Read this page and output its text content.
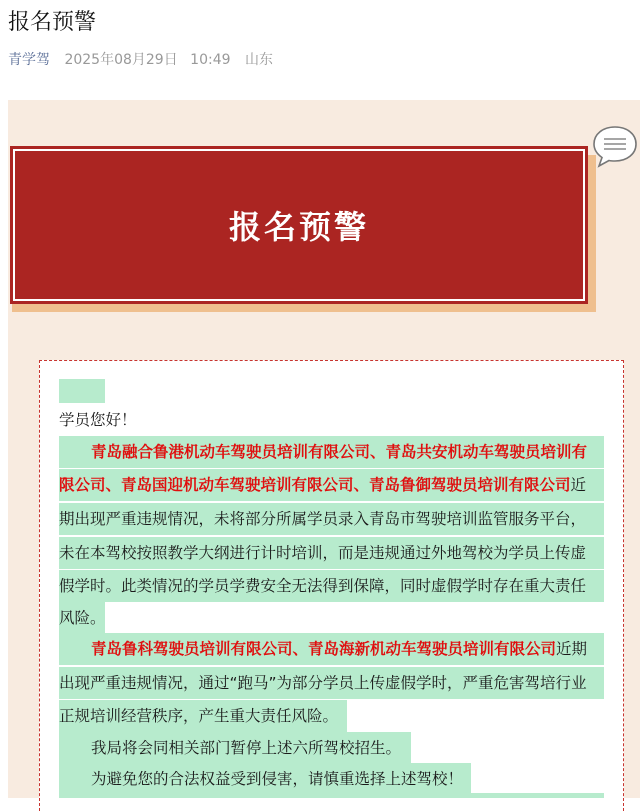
报名预警
青学驾 2025年08月29日 10:49 山东
报名预警
学员您好！
青岛融合鲁港机动车驾驶员培训有限公司、青岛共安机动车驾驶员培训有
限公司、青岛国迎机动车驾驶培训有限公司、青岛鲁御驾驶员培训有限公司近
期出现严重违规情况，未将部分所属学员录入青岛市驾驶培训监管服务平台，
未在本驾校按照教学大纲进行计时培训，而是违规通过外地驾校为学员上传虚
假学时。此类情况的学员学费安全无法得到保障，同时虚假学时存在重大责任
风险。
青岛鲁科驾驶员培训有限公司、青岛海新机动车驾驶员培训有限公司近期
出现严重违规情况，通过“跑马”为部分学员上传虚假学时，严重危害驾培行业
正规培训经营秩序，产生重大责任风险。
我局将会同相关部门暂停上述六所驾校招生。
为避免您的合法权益受到侵害，请慎重选择上述驾校！
